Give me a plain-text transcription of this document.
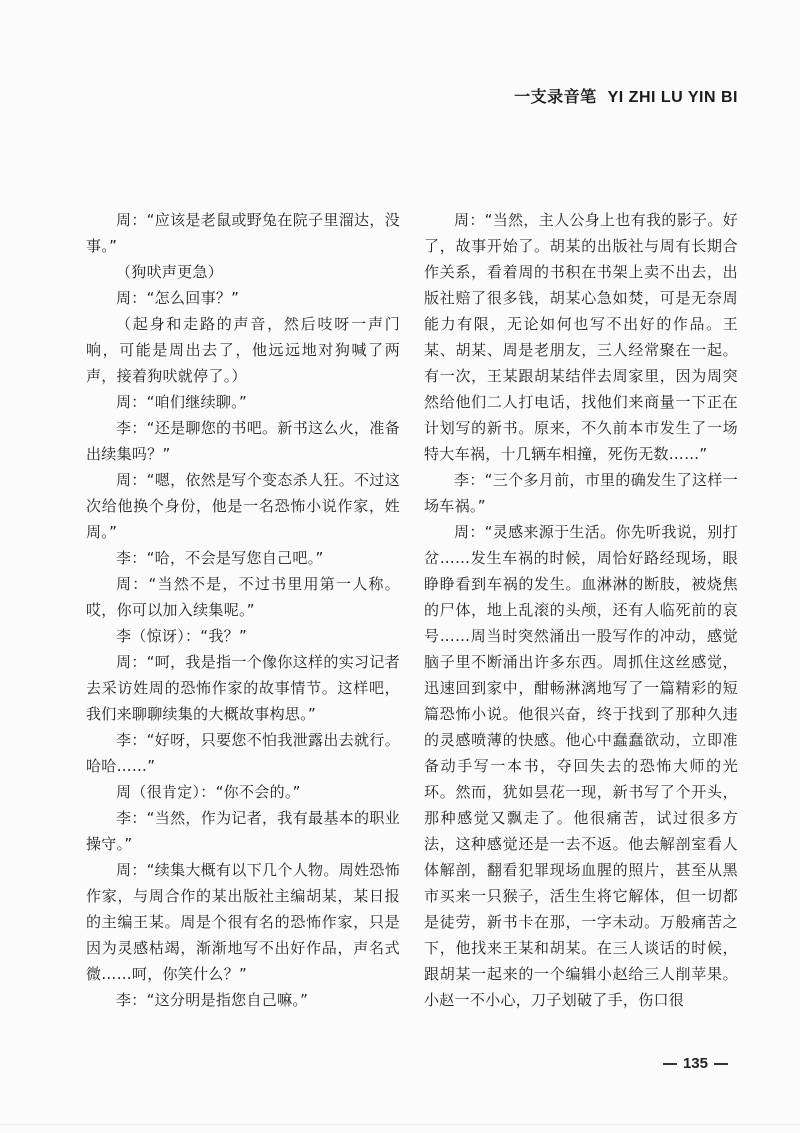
一支录音笔 YI ZHI LU YIN BI

周：“应该是老鼠或野兔在院子里溜达，没事。”

（狗吠声更急）

周：“怎么回事？”

（起身和走路的声音，然后吱呀一声门响，可能是周出去了，他远远地对狗喊了两声，接着狗吠就停了。）

周：“咱们继续聊。”

李：“还是聊您的书吧。新书这么火，准备出续集吗？”

周：“嗯，依然是写个变态杀人狂。不过这次给他换个身份，他是一名恐怖小说作家，姓周。”

李：“哈，不会是写您自己吧。”

周：“当然不是，不过书里用第一人称。哎，你可以加入续集呢。”

李（惊讶）：“我？”

周：“呵，我是指一个像你这样的实习记者去采访姓周的恐怖作家的故事情节。这样吧，我们来聊聊续集的大概故事构思。”

李：“好呀，只要您不怕我泄露出去就行。哈哈……”

周（很肯定）：“你不会的。”

李：“当然，作为记者，我有最基本的职业操守。”

周：“续集大概有以下几个人物。周姓恐怖作家，与周合作的某出版社主编胡某，某日报的主编王某。周是个很有名的恐怖作家，只是因为灵感枯竭，渐渐地写不出好作品，声名式微……呵，你笑什么？”

李：“这分明是指您自己嘛。”

周：“当然，主人公身上也有我的影子。好了，故事开始了。胡某的出版社与周有长期合作关系，看着周的书积在书架上卖不出去，出版社赔了很多钱，胡某心急如焚，可是无奈周能力有限，无论如何也写不出好的作品。王某、胡某、周是老朋友，三人经常聚在一起。有一次，王某跟胡某结伴去周家里，因为周突然给他们二人打电话，找他们来商量一下正在计划写的新书。原来，不久前本市发生了一场特大车祸，十几辆车相撞，死伤无数……”

李：“三个多月前，市里的确发生了这样一场车祸。”

周：“灵感来源于生活。你先听我说，别打岔……发生车祸的时候，周恰好路经现场，眼睁睁看到车祸的发生。血淋淋的断肢，被烧焦的尸体，地上乱滚的头颅，还有人临死前的哀号……周当时突然涌出一股写作的冲动，感觉脑子里不断涌出许多东西。周抓住这丝感觉，迅速回到家中，酣畅淋漓地写了一篇精彩的短篇恐怖小说。他很兴奋，终于找到了那种久违的灵感喷薄的快感。他心中蠢蠢欲动，立即准备动手写一本书，夺回失去的恐怖大师的光环。然而，犹如昙花一现，新书写了个开头，那种感觉又飘走了。他很痛苦，试过很多方法，这种感觉还是一去不返。他去解剖室看人体解剖，翻看犯罪现场血腥的照片，甚至从黑市买来一只猴子，活生生将它解体，但一切都是徒劳，新书卡在那，一字未动。万般痛苦之下，他找来王某和胡某。在三人谈话的时候，跟胡某一起来的一个编辑小赵给三人削苹果。小赵一不小心，刀子划破了手，伤口很

135
